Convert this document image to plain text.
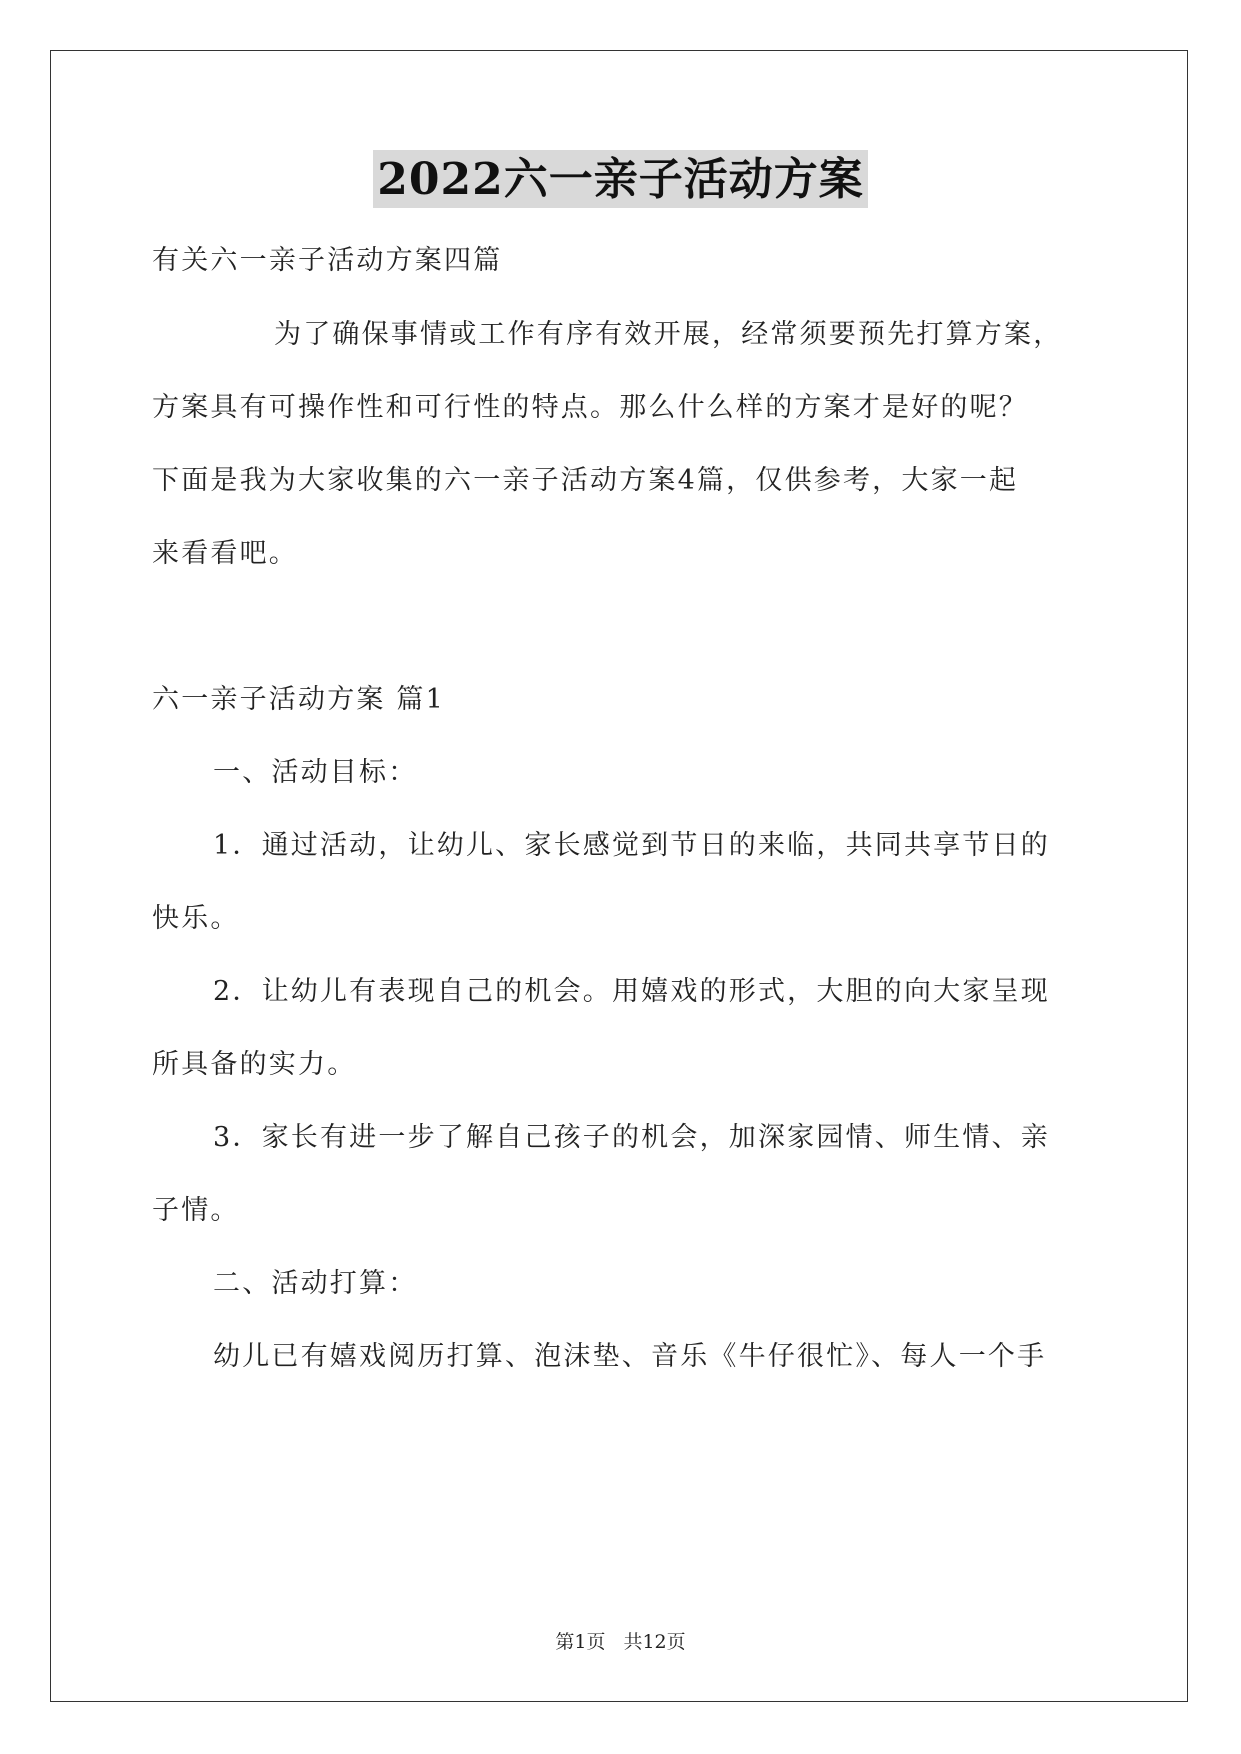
2022六一亲子活动方案
有关六一亲子活动方案四篇
为了确保事情或工作有序有效开展，经常须要预先打算方案，
方案具有可操作性和可行性的特点。那么什么样的方案才是好的呢？
下面是我为大家收集的六一亲子活动方案4篇，仅供参考，大家一起
来看看吧。
六一亲子活动方案 篇1
一、活动目标：
1．通过活动，让幼儿、家长感觉到节日的来临，共同共享节日的
快乐。
2．让幼儿有表现自己的机会。用嬉戏的形式，大胆的向大家呈现
所具备的实力。
3．家长有进一步了解自己孩子的机会，加深家园情、师生情、亲
子情。
二、活动打算：
幼儿已有嬉戏阅历打算、泡沫垫、音乐《牛仔很忙》、每人一个手
第1页 共12页
